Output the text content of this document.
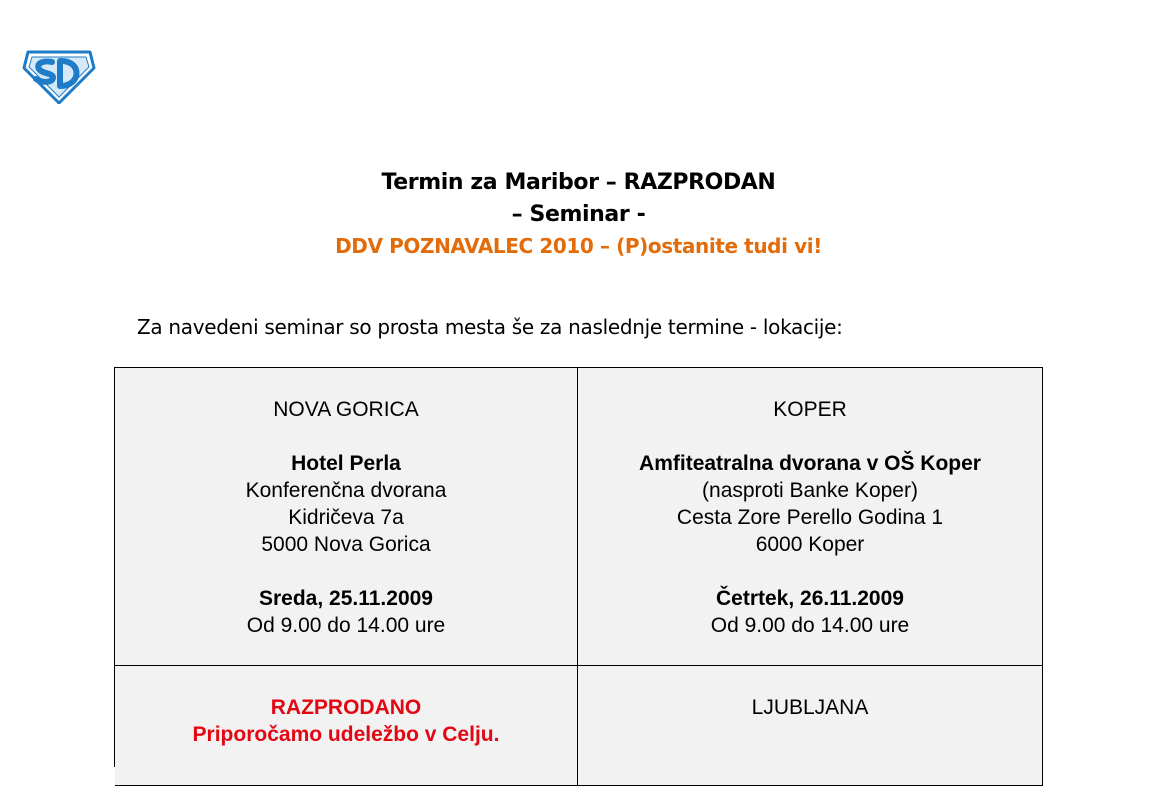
Termin za Maribor – RAZPRODAN
– Seminar -
DDV POZNAVALEC 2010 – (P)ostanite tudi vi!
Za navedeni seminar so prosta mesta še za naslednje termine - lokacije:
NOVA GORICA
Hotel Perla
Konferenčna dvorana
Kidričeva 7a
5000 Nova Gorica
Sreda, 25.11.2009
Od 9.00 do 14.00 ure
KOPER
Amfiteatralna dvorana v OŠ Koper
(nasproti Banke Koper)
Cesta Zore Perello Godina 1
6000 Koper
Četrtek, 26.11.2009
Od 9.00 do 14.00 ure
RAZPRODANO
Priporočamo udeležbo v Celju.
LJUBLJANA
